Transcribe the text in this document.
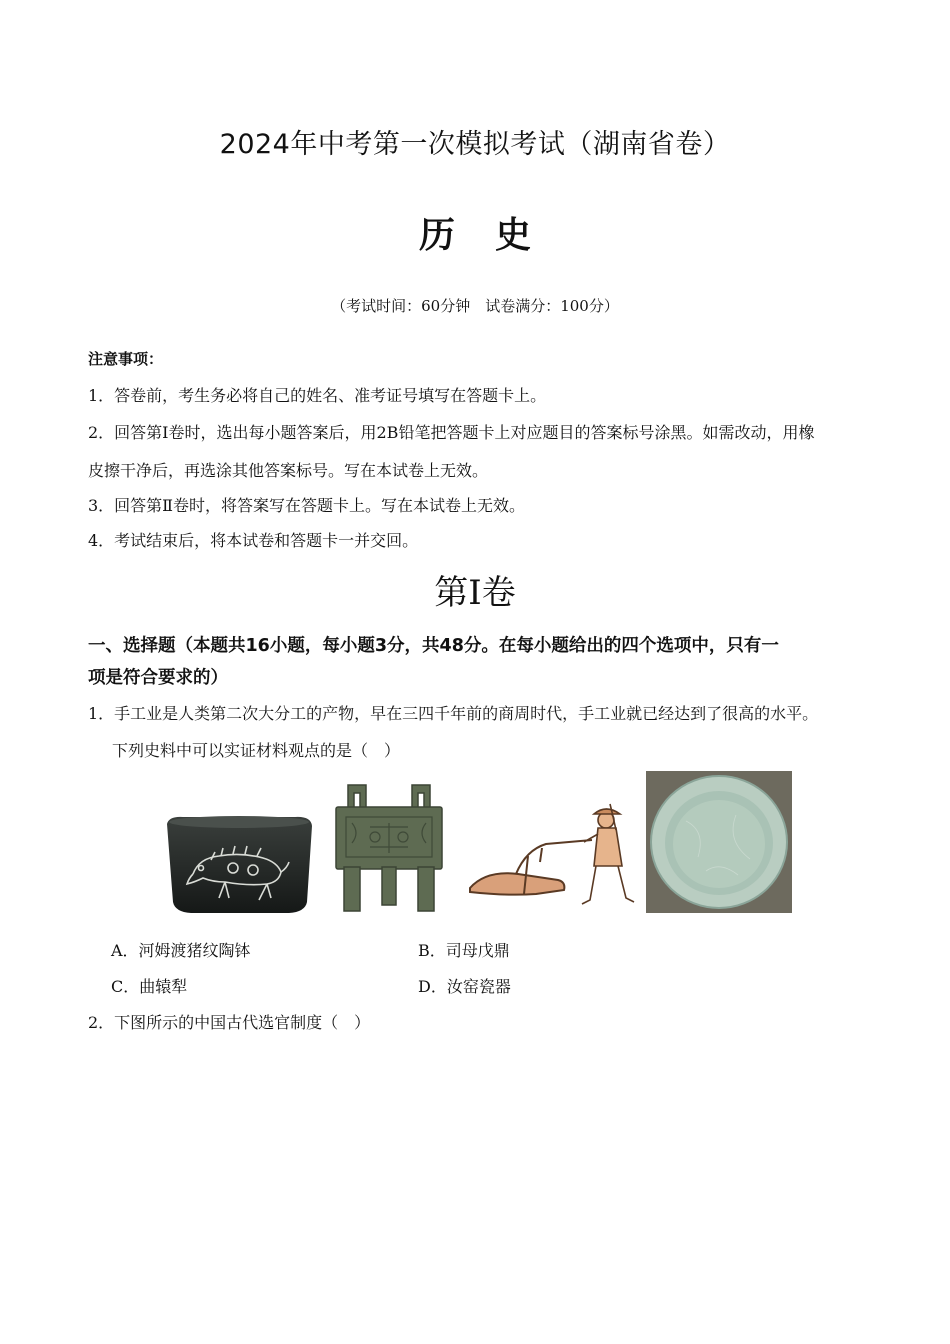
2024年中考第一次模拟考试（湖南省卷）
历史
（考试时间：60分钟　试卷满分：100分）
注意事项：
1．答卷前，考生务必将自己的姓名、准考证号填写在答题卡上。
2．回答第Ⅰ卷时，选出每小题答案后，用2B铅笔把答题卡上对应题目的答案标号涂黑。如需改动，用橡
皮擦干净后，再选涂其他答案标号。写在本试卷上无效。
3．回答第Ⅱ卷时，将答案写在答题卡上。写在本试卷上无效。
4．考试结束后，将本试卷和答题卡一并交回。
第Ⅰ卷
一、选择题（本题共16小题，每小题3分，共48分。在每小题给出的四个选项中，只有一
项是符合要求的）
1．手工业是人类第二次大分工的产物，早在三四千年前的商周时代，手工业就已经达到了很高的水平。
下列史料中可以实证材料观点的是（　）
A．河姆渡猪纹陶钵	B．司母戊鼎
C．曲辕犁	D．汝窑瓷器
2．下图所示的中国古代选官制度（　）
